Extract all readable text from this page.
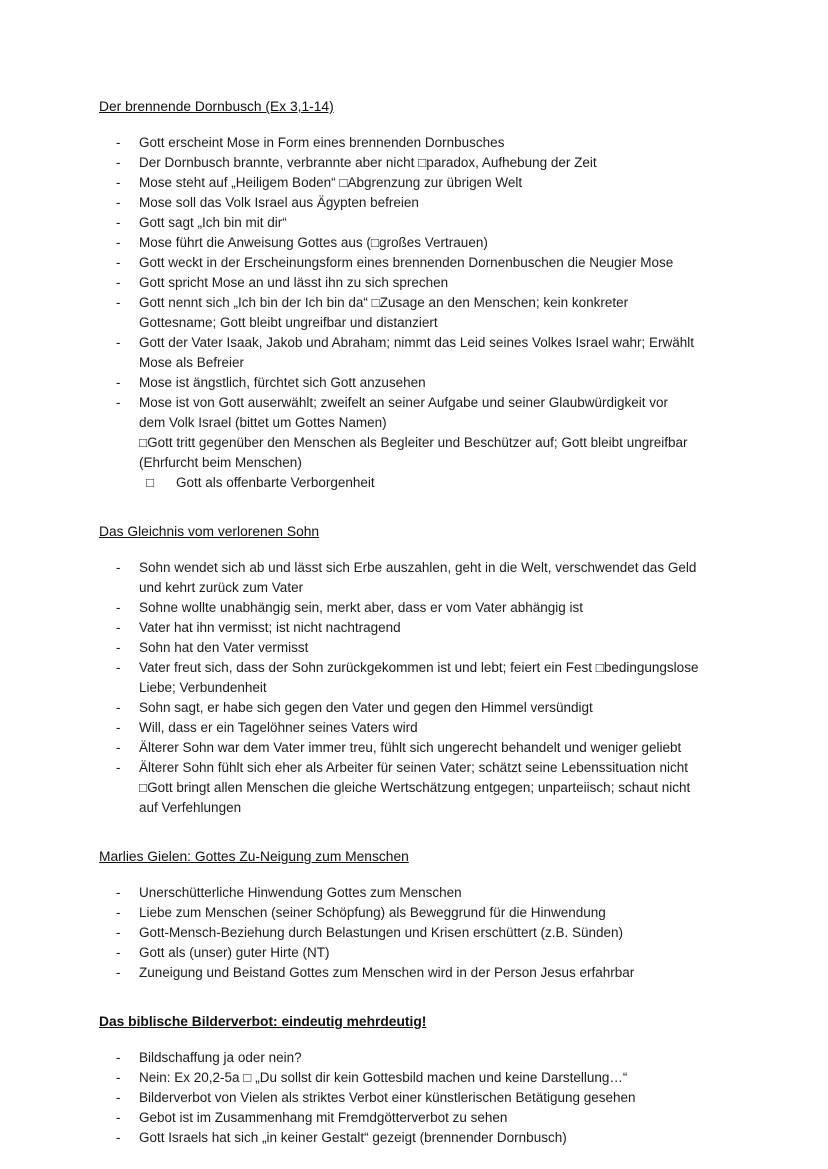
Der brennende Dornbusch (Ex 3,1-14)
-	Gott erscheint Mose in Form eines brennenden Dornbusches
-	Der Dornbusch brannte, verbrannte aber nicht □paradox, Aufhebung der Zeit
-	Mose steht auf „Heiligem Boden“ □Abgrenzung zur übrigen Welt
-	Mose soll das Volk Israel aus Ägypten befreien
-	Gott sagt „Ich bin mit dir“
-	Mose führt die Anweisung Gottes aus (□großes Vertrauen)
-	Gott weckt in der Erscheinungsform eines brennenden Dornenbuschen die Neugier Mose
-	Gott spricht Mose an und lässt ihn zu sich sprechen
-	Gott nennt sich „Ich bin der Ich bin da“ □Zusage an den Menschen; kein konkreter
Gottesname; Gott bleibt ungreifbar und distanziert
-	Gott der Vater Isaak, Jakob und Abraham; nimmt das Leid seines Volkes Israel wahr; Erwählt
Mose als Befreier
-	Mose ist ängstlich, fürchtet sich Gott anzusehen
-	Mose ist von Gott auserwählt; zweifelt an seiner Aufgabe und seiner Glaubwürdigkeit vor
dem Volk Israel (bittet um Gottes Namen)
□Gott tritt gegenüber den Menschen als Begleiter und Beschützer auf; Gott bleibt ungreifbar
(Ehrfurcht beim Menschen)
□	Gott als offenbarte Verborgenheit
Das Gleichnis vom verlorenen Sohn
-	Sohn wendet sich ab und lässt sich Erbe auszahlen, geht in die Welt, verschwendet das Geld
und kehrt zurück zum Vater
-	Sohne wollte unabhängig sein, merkt aber, dass er vom Vater abhängig ist
-	Vater hat ihn vermisst; ist nicht nachtragend
-	Sohn hat den Vater vermisst
-	Vater freut sich, dass der Sohn zurückgekommen ist und lebt; feiert ein Fest □bedingungslose
Liebe; Verbundenheit
-	Sohn sagt, er habe sich gegen den Vater und gegen den Himmel versündigt
-	Will, dass er ein Tagelöhner seines Vaters wird
-	Älterer Sohn war dem Vater immer treu, fühlt sich ungerecht behandelt und weniger geliebt
-	Älterer Sohn fühlt sich eher als Arbeiter für seinen Vater; schätzt seine Lebenssituation nicht
□Gott bringt allen Menschen die gleiche Wertschätzung entgegen; unparteiisch; schaut nicht
auf Verfehlungen
Marlies Gielen: Gottes Zu-Neigung zum Menschen
-	Unerschütterliche Hinwendung Gottes zum Menschen
-	Liebe zum Menschen (seiner Schöpfung) als Beweggrund für die Hinwendung
-	Gott-Mensch-Beziehung durch Belastungen und Krisen erschüttert (z.B. Sünden)
-	Gott als (unser) guter Hirte (NT)
-	Zuneigung und Beistand Gottes zum Menschen wird in der Person Jesus erfahrbar
Das biblische Bilderverbot: eindeutig mehrdeutig!
-	Bildschaffung ja oder nein?
-	Nein: Ex 20,2-5a □ „Du sollst dir kein Gottesbild machen und keine Darstellung…“
-	Bilderverbot von Vielen als striktes Verbot einer künstlerischen Betätigung gesehen
-	Gebot ist im Zusammenhang mit Fremdgötterverbot zu sehen
-	Gott Israels hat sich „in keiner Gestalt“ gezeigt (brennender Dornbusch)
